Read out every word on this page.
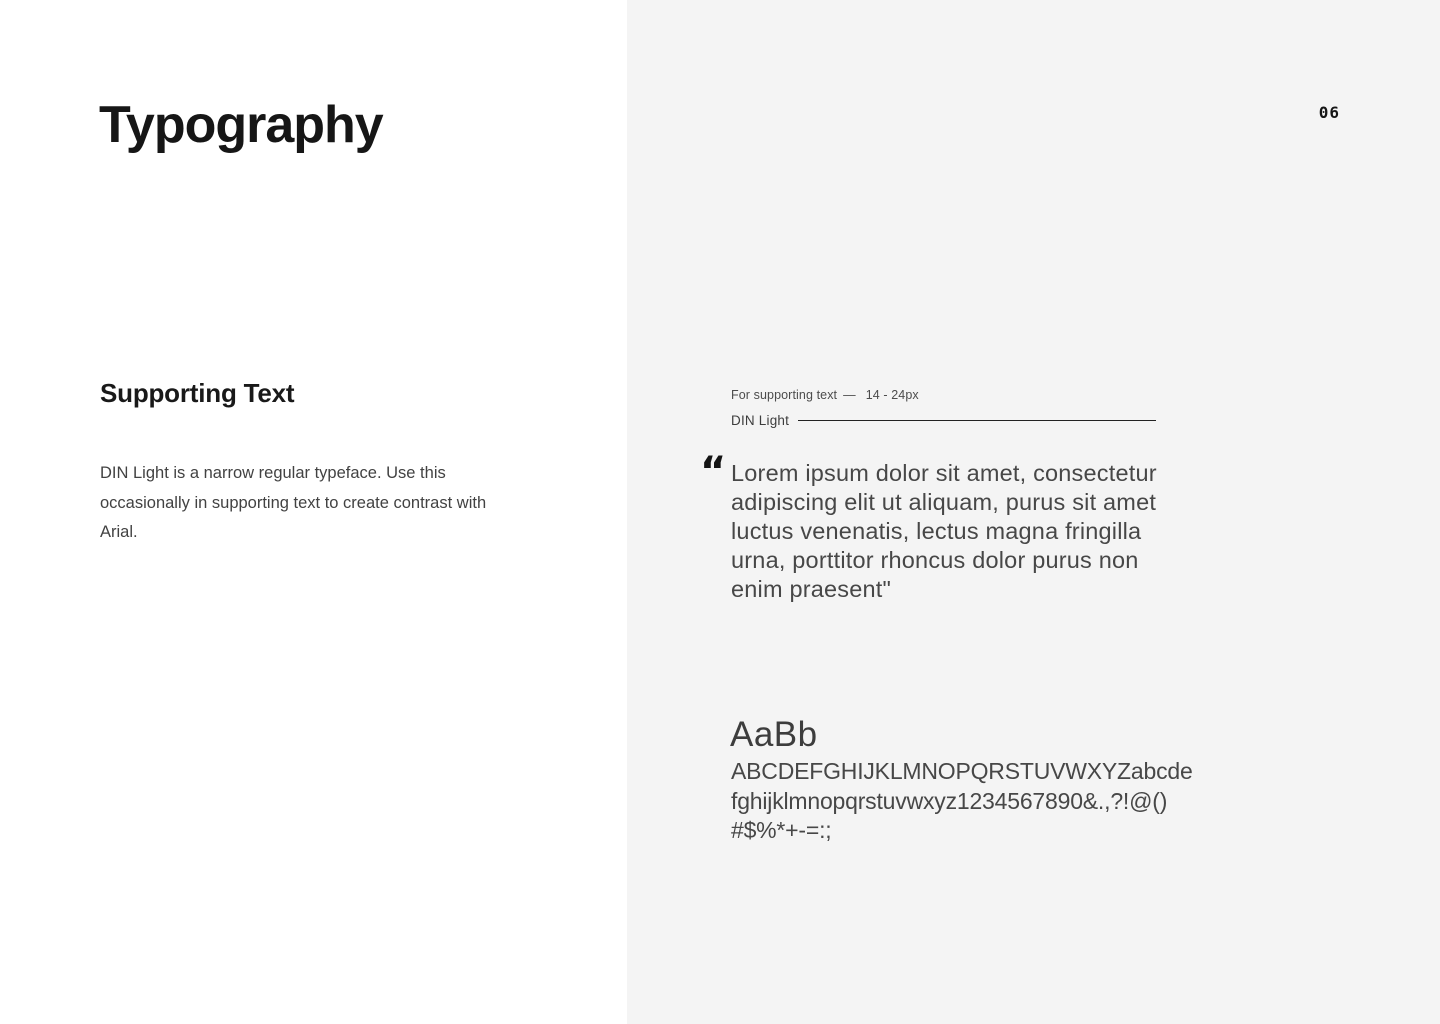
06
Typography
Supporting Text
DIN Light is a narrow regular typeface. Use this
occasionally in supporting text to create contrast with
Arial.
For supporting text — 14 - 24px
DIN Light
“ Lorem ipsum dolor sit amet, consectetur
adipiscing elit ut aliquam, purus sit amet
luctus venenatis, lectus magna fringilla
urna, porttitor rhoncus dolor purus non
enim praesent"
AaBb
ABCDEFGHIJKLMNOPQRSTUVWXYZabcde
fghijklmnopqrstuvwxyz1234567890&.,?!@()
#$%*+-=:;
